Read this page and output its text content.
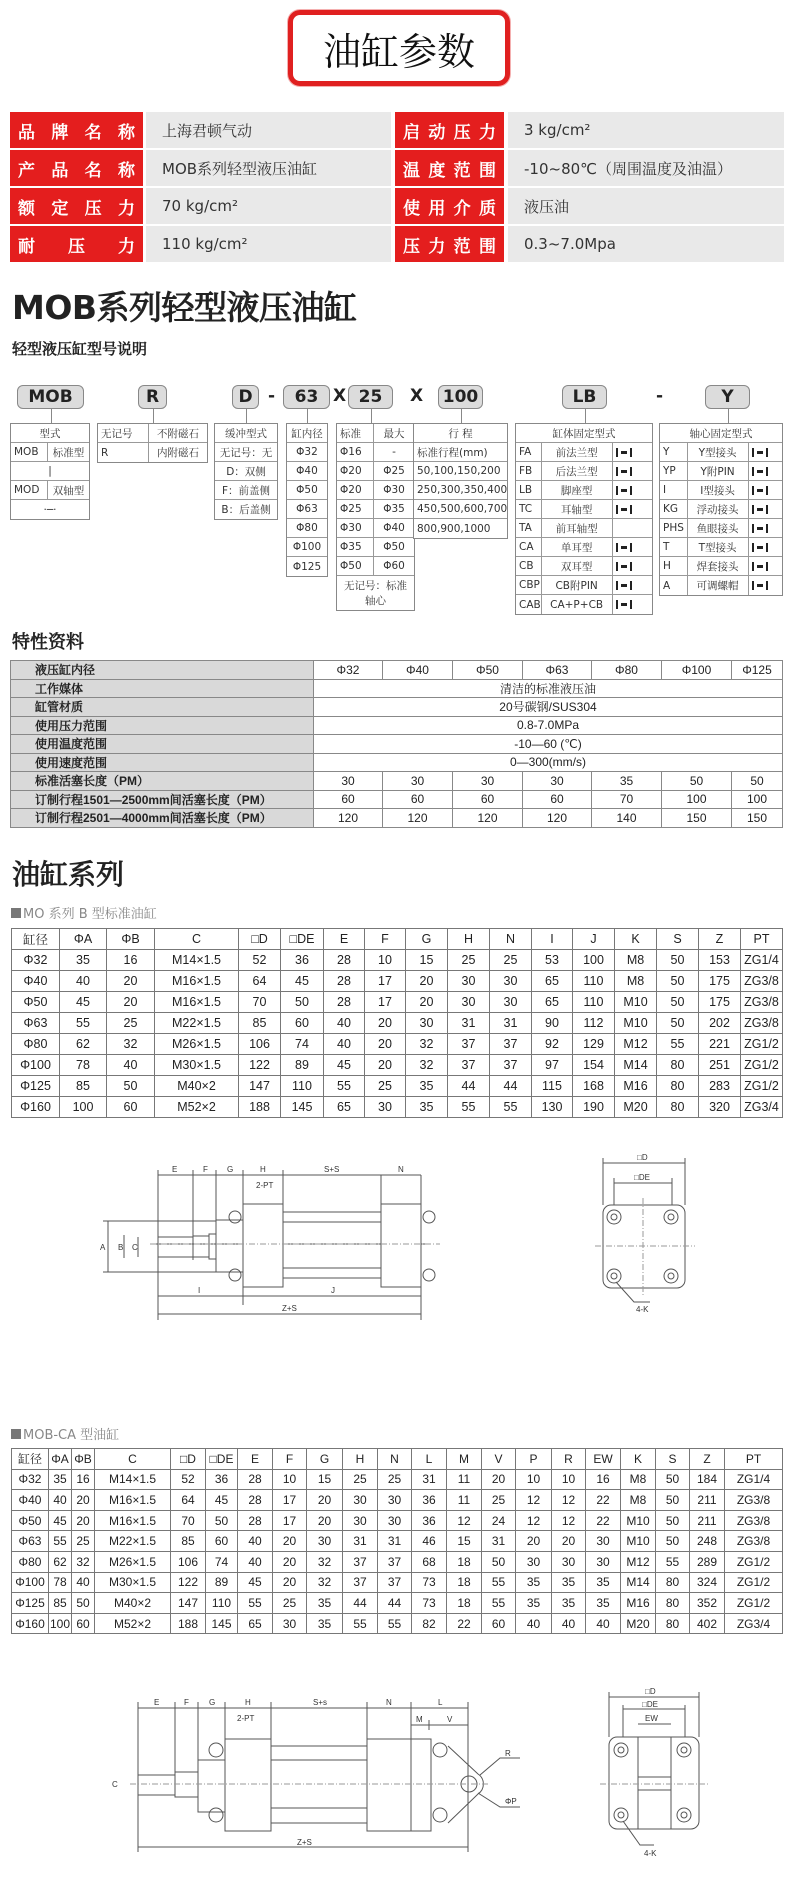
油缸参数
品牌名称 上海君顿气动	启动压力 3 kg/cm²
产品名称 MOB系列轻型液压油缸	温度范围 -10~80℃（周围温度及油温）
额定压力 70 kg/cm²	使用介质 液压油
耐压力 110 kg/cm²	压力范围 0.3~7.0Mpa
MOB系列轻型液压油缸
轻型液压缸型号说明
MOB	R	D	63	25	100	LB	Y
-	X	X	-
型式
MOB	标准型
|
MOD	双轴型
·─·
无记号	不附磁石
R	内附磁石
缓冲型式
无记号：无
D：双侧
F：前盖侧
B：后盖侧
缸内径
Φ32
Φ40
Φ50
Φ63
Φ80
Φ100
Φ125
标准	最大
Φ16	-
Φ20	Φ25
Φ20	Φ30
Φ25	Φ35
Φ30	Φ40
Φ35	Φ50
Φ50	Φ60
无记号：标准轴心
行 程
标准行程(mm)
50,100,150,200
250,300,350,400
450,500,600,700
800,900,1000
缸体固定型式
FA	前法兰型
FB	后法兰型
LB	脚座型
TC	耳轴型
TA	前耳轴型
CA	单耳型
CB	双耳型
CBP	CB附PIN
CAB CA+P+CB
轴心固定型式
Y	Y型接头
YP	Y附PIN
I	I型接头
KG	浮动接头
PHS	鱼眼接头
T	T型接头
H	焊套接头
A	可调螺帽
特性资料
液压缸内径	Φ32	Φ40	Φ50	Φ63	Φ80	Φ100	Φ125
工作媒体	清洁的标准液压油						
缸管材质	20号碳钢/SUS304						
使用压力范围	0.8-7.0MPa						
使用温度范围	-10—60 (℃)						
使用速度范围	0—300(mm/s)						
标准活塞长度（PM）	30	30	30	30	35	50	50
订制行程1501—2500mm间活塞长度（PM）	60	60	60	60	70	100	100
订制行程2501—4000mm间活塞长度（PM）	120	120	120	120	140	150	150
油缸系列
MO 系列 B 型标准油缸
缸径	ΦA	ΦB	C	□D	□DE	E	F	G	H	N	I	J	K	S	Z	PT
Φ32	35	16	M14×1.5	52	36	28	10	15	25	25	53	100	M8	50	153	ZG1/4
Φ40	40	20	M16×1.5	64	45	28	17	20	30	30	65	110	M8	50	175	ZG3/8
Φ50	45	20	M16×1.5	70	50	28	17	20	30	30	65	110	M10	50	175	ZG3/8
Φ63	55	25	M22×1.5	85	60	40	20	30	31	31	90	112	M10	50	202	ZG3/8
Φ80	62	32	M26×1.5	106	74	40	20	32	37	37	92	129	M12	55	221	ZG1/2
Φ100	78	40	M30×1.5	122	89	45	20	32	37	37	97	154	M14	80	251	ZG1/2
Φ125	85	50	M40×2	147	110	55	25	35	44	44	115	168	M16	80	283	ZG1/2
Φ160	100	60	M52×2	188	145	65	30	35	55	55	130	190	M20	80	320	ZG3/4
E	F G	H	S+S	N
2-PT
A B C
I	J
Z+S
□D
□DE
4-K
MOB-CA 型油缸
缸径	ΦA	ΦB	C	□D	□DE	E	F	G	H	N	L	M	V	P	R	EW	K	S	Z	PT
Φ32	35	16	M14×1.5	52	36	28	10	15	25	25	31	11	20	10	10	16	M8	50	184	ZG1/4
Φ40	40	20	M16×1.5	64	45	28	17	20	30	30	36	11	25	12	12	22	M8	50	211	ZG3/8
Φ50	45	20	M16×1.5	70	50	28	17	20	30	30	36	12	24	12	12	22	M10	50	211	ZG3/8
Φ63	55	25	M22×1.5	85	60	40	20	30	31	31	46	15	31	20	20	30	M10	50	248	ZG3/8
Φ80	62	32	M26×1.5	106	74	40	20	32	37	37	68	18	50	30	30	30	M12	55	289	ZG1/2
Φ100	78	40	M30×1.5	122	89	45	20	32	37	37	73	18	55	35	35	35	M14	80	324	ZG1/2
Φ125	85	50	M40×2	147	110	55	25	35	44	44	73	18	55	35	35	35	M16	80	352	ZG1/2
Φ160	100	60	M52×2	188	145	65	30	35	55	55	82	22	60	40	40	40	M20	80	402	ZG3/4
E	F	G	H	S+s	N	L
M	V
2-PT
C
R
ΦP
Z+S
□D
□DE
EW
4-K
